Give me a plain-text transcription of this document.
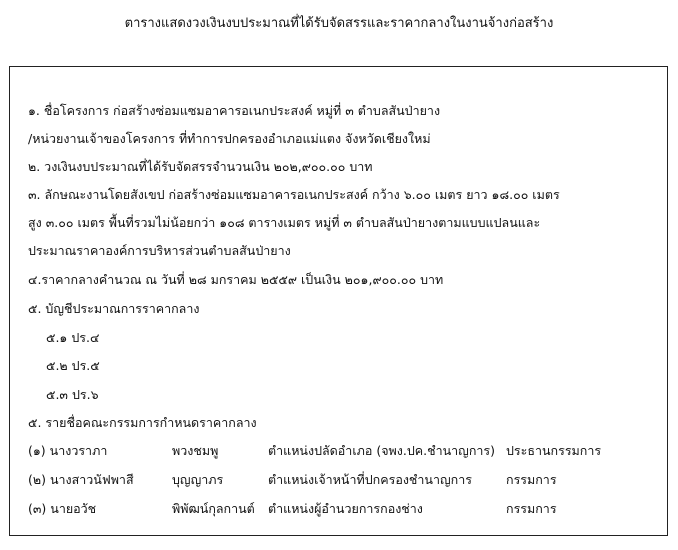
ตารางแสดงวงเงินงบประมาณที่ได้รับจัดสรรและราคากลางในงานจ้างก่อสร้าง
๑. ชื่อโครงการ ก่อสร้างซ่อมแซมอาคารอเนกประสงค์ หมู่ที่ ๓ ตำบลสันป่ายาง
/หน่วยงานเจ้าของโครงการ ที่ทำการปกครองอำเภอแม่แตง จังหวัดเชียงใหม่
๒. วงเงินงบประมาณที่ได้รับจัดสรรจำนวนเงิน ๒๐๒,๙๐๐.๐๐ บาท
๓. ลักษณะงานโดยสังเขป ก่อสร้างซ่อมแซมอาคารอเนกประสงค์ กว้าง ๖.๐๐ เมตร ยาว ๑๘.๐๐ เมตร
สูง ๓.๐๐ เมตร พื้นที่รวมไม่น้อยกว่า ๑๐๘ ตารางเมตร หมู่ที่ ๓ ตำบลสันป่ายางตามแบบแปลนและ
ประมาณราคาองค์การบริหารส่วนตำบลสันป่ายาง
๔.ราคากลางคำนวณ ณ วันที่ ๒๘ มกราคม ๒๕๕๙ เป็นเงิน ๒๐๑,๙๐๐.๐๐ บาท
๕. บัญชีประมาณการราคากลาง
๕.๑ ปร.๔
๕.๒ ปร.๕
๕.๓ ปร.๖
๕. รายชื่อคณะกรรมการกำหนดราคากลาง
(๑) นางวราภา	พวงชมพู	ตำแหน่งปลัดอำเภอ (จพง.ปค.ชำนาญการ) ประธานกรรมการ
(๒) นางสาวนัฟพาสี	บุญญาภร	ตำแหน่งเจ้าหน้าที่ปกครองชำนาญการ	กรรมการ
(๓) นายอวัช	พิพัฒน์กุลกานต์ ตำแหน่งผู้อำนวยการกองช่าง	กรรมการ
